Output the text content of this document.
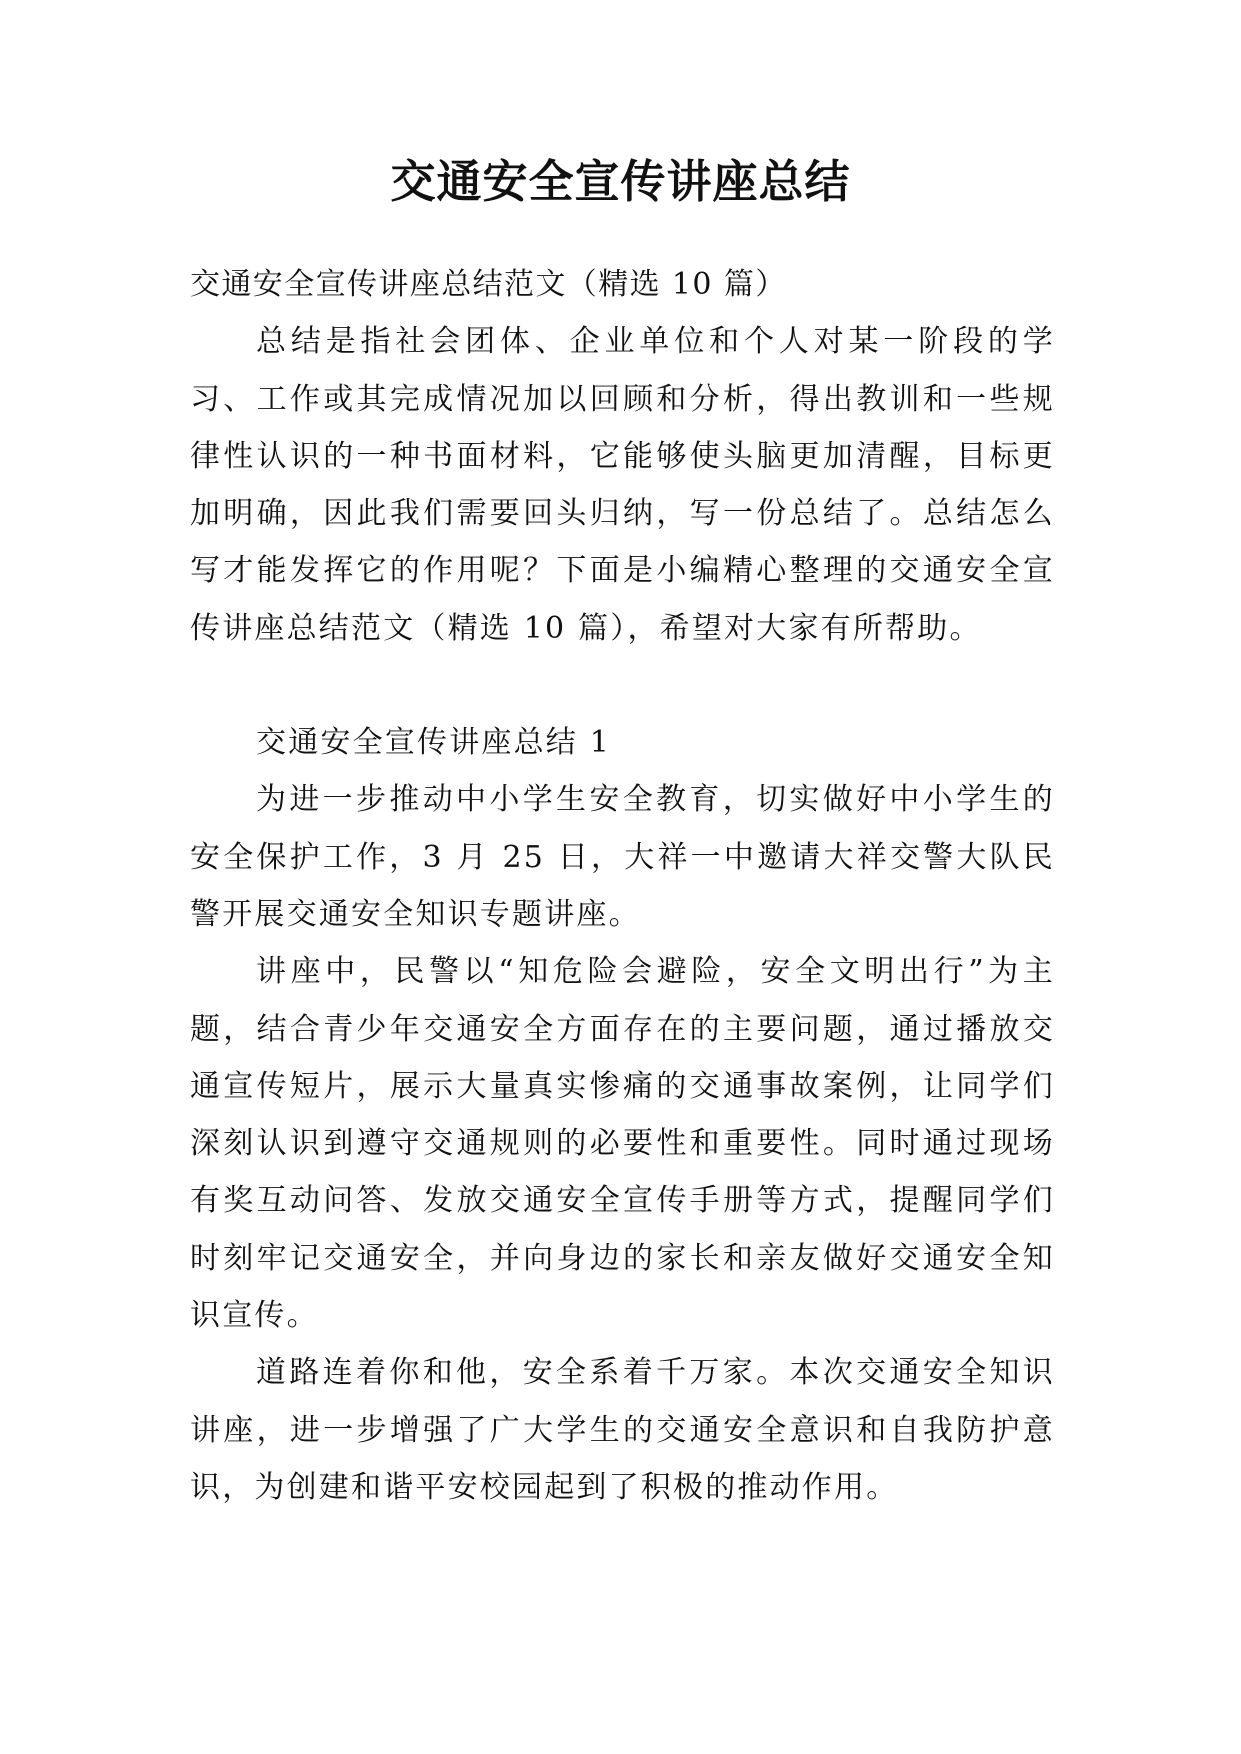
交通安全宣传讲座总结

交通安全宣传讲座总结范文（精选 10 篇）

总结是指社会团体、企业单位和个人对某一阶段的学习、工作或其完成情况加以回顾和分析，得出教训和一些规律性认识的一种书面材料，它能够使头脑更加清醒，目标更加明确，因此我们需要回头归纳，写一份总结了。总结怎么写才能发挥它的作用呢？下面是小编精心整理的交通安全宣传讲座总结范文（精选 10 篇），希望对大家有所帮助。

交通安全宣传讲座总结 1

为进一步推动中小学生安全教育，切实做好中小学生的安全保护工作，3 月 25 日，大祥一中邀请大祥交警大队民警开展交通安全知识专题讲座。

讲座中，民警以“知危险会避险，安全文明出行”为主题，结合青少年交通安全方面存在的主要问题，通过播放交通宣传短片，展示大量真实惨痛的交通事故案例，让同学们深刻认识到遵守交通规则的必要性和重要性。同时通过现场有奖互动问答、发放交通安全宣传手册等方式，提醒同学们时刻牢记交通安全，并向身边的家长和亲友做好交通安全知识宣传。

道路连着你和他，安全系着千万家。本次交通安全知识讲座，进一步增强了广大学生的交通安全意识和自我防护意识，为创建和谐平安校园起到了积极的推动作用。
